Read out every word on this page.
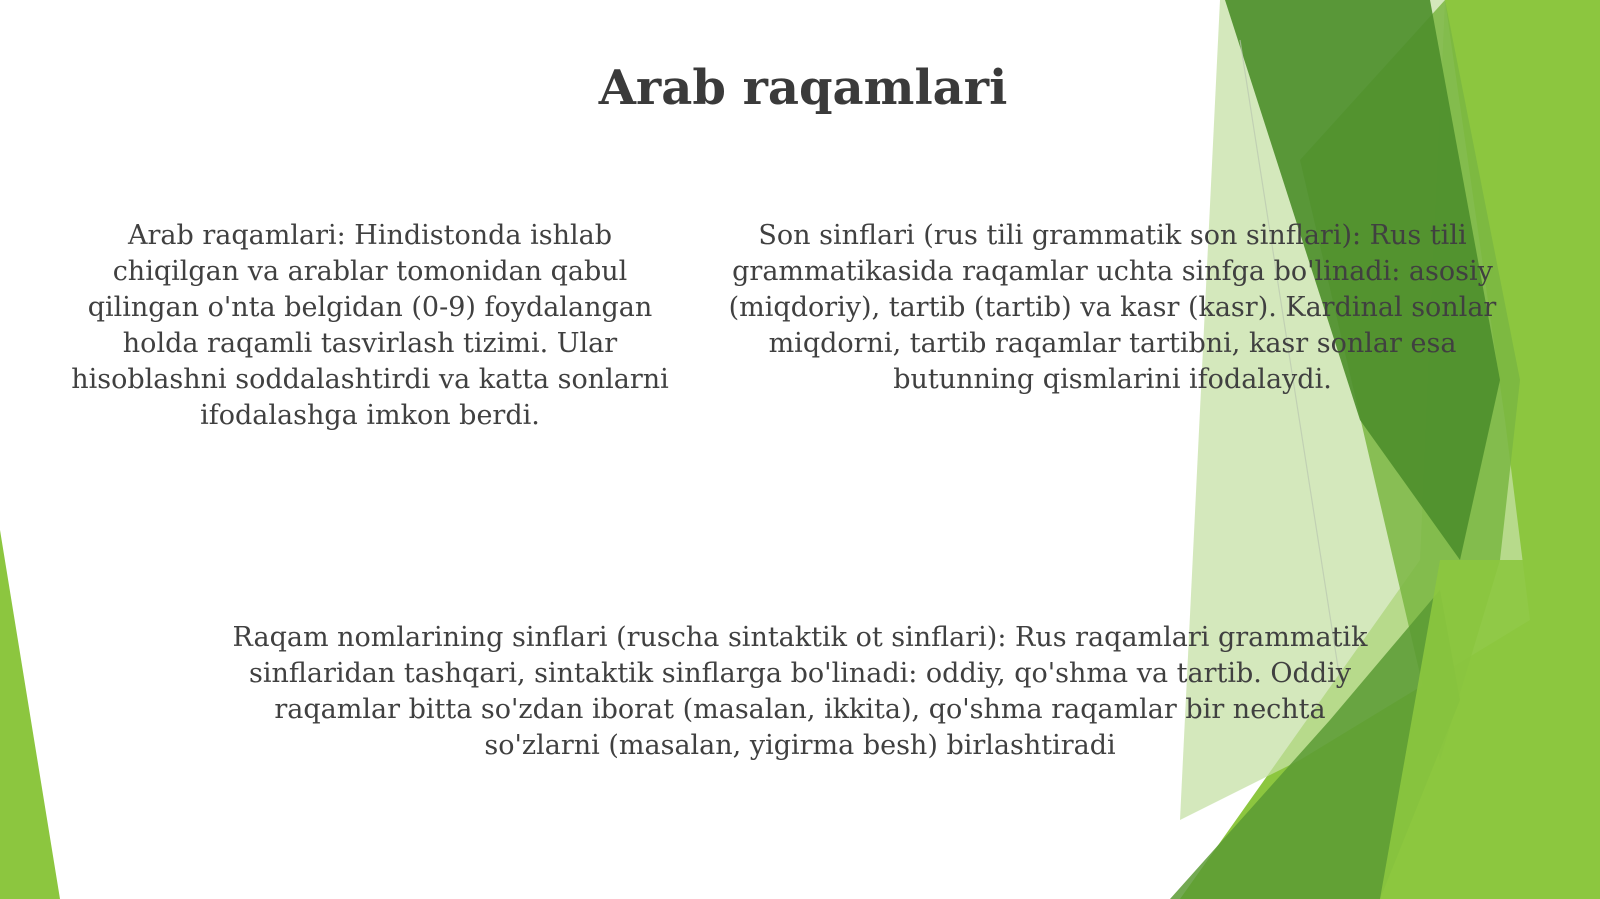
Arab raqamlari
Arab raqamlari: Hindistonda ishlab chiqilgan va arablar tomonidan qabul qilingan o'nta belgidan (0-9) foydalangan holda raqamli tasvirlash tizimi. Ular hisoblashni soddalashtirdi va katta sonlarni ifodalashga imkon berdi.
Son sinflari (rus tili grammatik son sinflari): Rus tili grammatikasida raqamlar uchta sinfga bo'linadi: asosiy (miqdoriy), tartib (tartib) va kasr (kasr). Kardinal sonlar miqdorni, tartib raqamlar tartibni, kasr sonlar esa butunning qismlarini ifodalaydi.
Raqam nomlarining sinflari (ruscha sintaktik ot sinflari): Rus raqamlari grammatik sinflaridan tashqari, sintaktik sinflarga bo'linadi: oddiy, qo'shma va tartib. Oddiy raqamlar bitta so'zdan iborat (masalan, ikkita), qo'shma raqamlar bir nechta so'zlarni (masalan, yigirma besh) birlashtiradi
